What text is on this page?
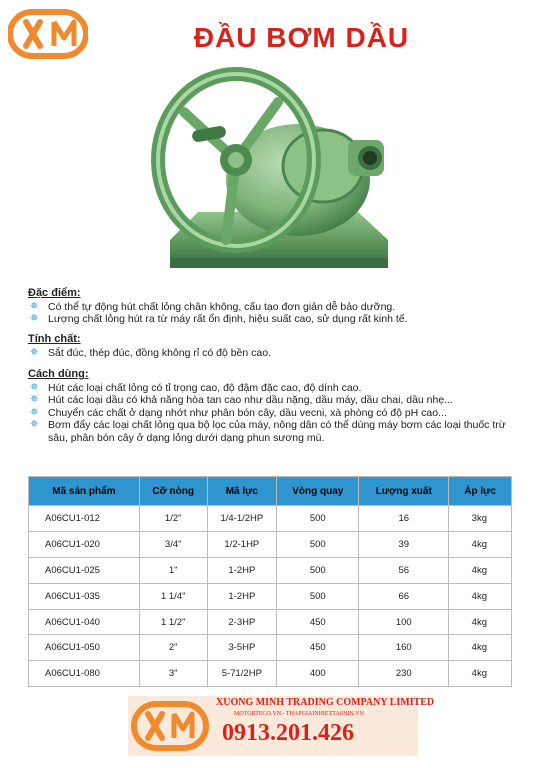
ĐẦU BƠM DẦU
Đặc điểm:
✵ Có thể tự động hút chất lỏng chân không, cấu tạo đơn giản dễ bảo dưỡng.
✵ Lượng chất lỏng hút ra từ máy rất ổn định, hiệu suất cao, sử dụng rất kinh tế.
Tính chất:
✵ Sắt đúc, thép đúc, đồng không rỉ có độ bền cao.
Cách dùng:
✵ Hút các loại chất lỏng có tỉ trọng cao, độ đậm đặc cao, độ dính cao.
✵ Hút các loại dầu có khả năng hòa tan cao như dầu nặng, dầu máy, dầu chai, dầu nhẹ...
✵ Chuyển các chất ở dạng nhớt như phân bón cây, dầu vecni, xà phòng có độ pH cao...
✵ Bơm đẩy các loại chất lỏng qua bộ lọc của máy, nông dân có thể dùng máy bơm các loại thuốc trừ sâu, phân bón cây ở dạng lỏng dưới dạng phun sương mù.
Mã sản phẩm	Cỡ nòng	Mã lực	Vòng quay	Lượng xuất	Áp lực
A06CU1-012	1/2"	1/4-1/2HP	500	16	3kg
A06CU1-020	3/4"	1/2-1HP	500	39	4kg
A06CU1-025	1"	1-2HP	500	56	4kg
A06CU1-035	1 1/4"	1-2HP	500	66	4kg
A06CU1-040	1 1/2"	2-3HP	450	100	4kg
A06CU1-050	2"	3-5HP	450	160	4kg
A06CU1-080	3"	5-71/2HP	400	230	4kg
XUONG MINH TRADING COMPANY LIMITED
MOTORTECO.VN - THAPGIAINHIETTASHIN.VN
0913.201.426
